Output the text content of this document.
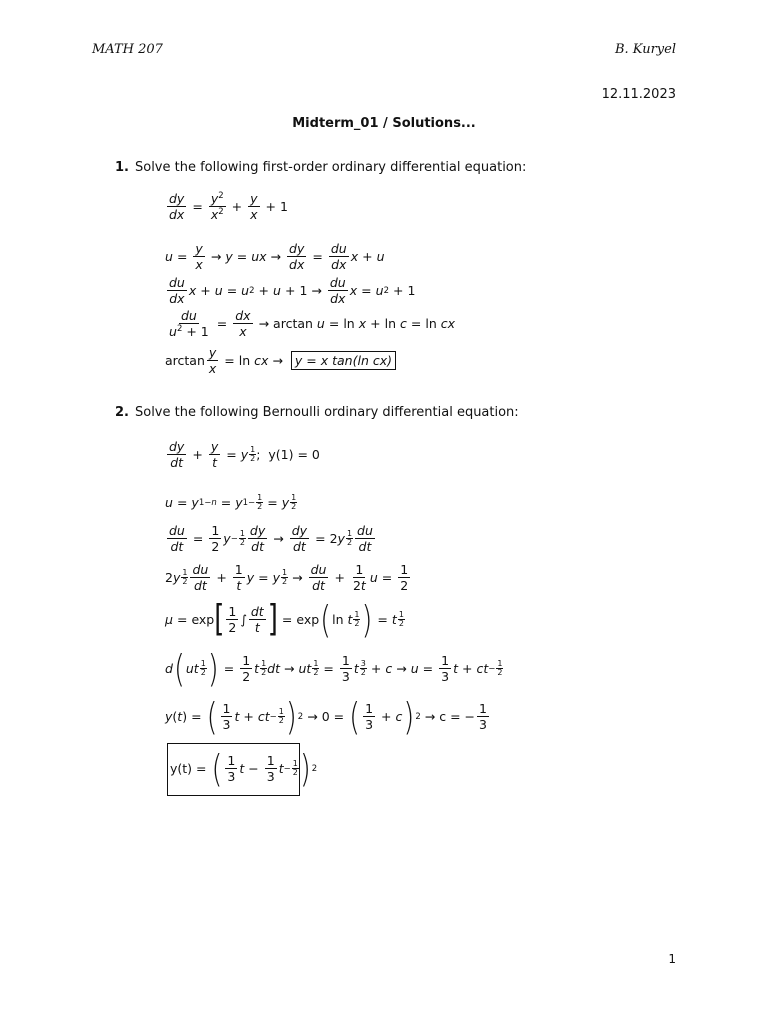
MATH 207	B. Kuryel
12.11.2023
Midterm_01 / Solutions...
1. Solve the following first-order ordinary differential equation:
$\frac{dy}{dx} = \frac{y^2}{x^2} + \frac{y}{x} + 1$
$u = \frac{y}{x} \to y$ = ux → $\frac{dy}{dx} = \frac{du}{dx}$ x + u
$\frac{du}{dx}$ x + u = u $2 + u + 1 \to \frac{du}{dx}$ x = u 2 + 1
$\frac{du}{u^2 + 1} = \frac{dx}{x} \to \arctan u = \ln x + \ln c = \ln$ cx
$\arctan \frac{y}{x} = \ln$ cx → y = x tan(ln cx)
2. Solve the following Bernoulli ordinary differential equation:
$\frac{dy}{dt} + \frac{y}{t} = y$ 1
2 ; y(1) = 0
u = y 1−n = y $1- \frac{1}{2} = y$ 1
2
$\frac{du}{dt} = \frac{1}{2}$ $y - \frac{1}{2} \frac{dy}{dt} \to \frac{dy}{dt} = 2$ y 1
$2 \frac{du}{dt}$
2 y 1
$2 \frac{du}{dt} + \frac{1}{t}$ y = y 1
$2 \to \frac{du}{dt} + \frac{1}{2t}$ $u = \frac{1}{2}$
μ = exp [ $\frac{1}{2}$ ∫ $\frac{dt}{t}$ ] = exp ( ln t 1
2 ) = t 1
2
d ( ut 1
2 ) = $\frac{1}{2}$ t 1
2 dt → ut $\frac{1}{2} = \frac{1}{3}$ t 3
$2 + c \to u = \frac{1}{3}$ t + ct − $\frac{1}{2}$
y ( t ) = ( $\frac{1}{3}$ t + ct − $\frac{1}{2}$ ) 2 → 0 = ( $\frac{1}{3} + c$ ) 2 → c = − $\frac{1}{3}$
y(t) =
( $\frac{1}{3}$ $t - \frac{1}{3}$ $t - \frac{1}{2}$ ) 2
1
